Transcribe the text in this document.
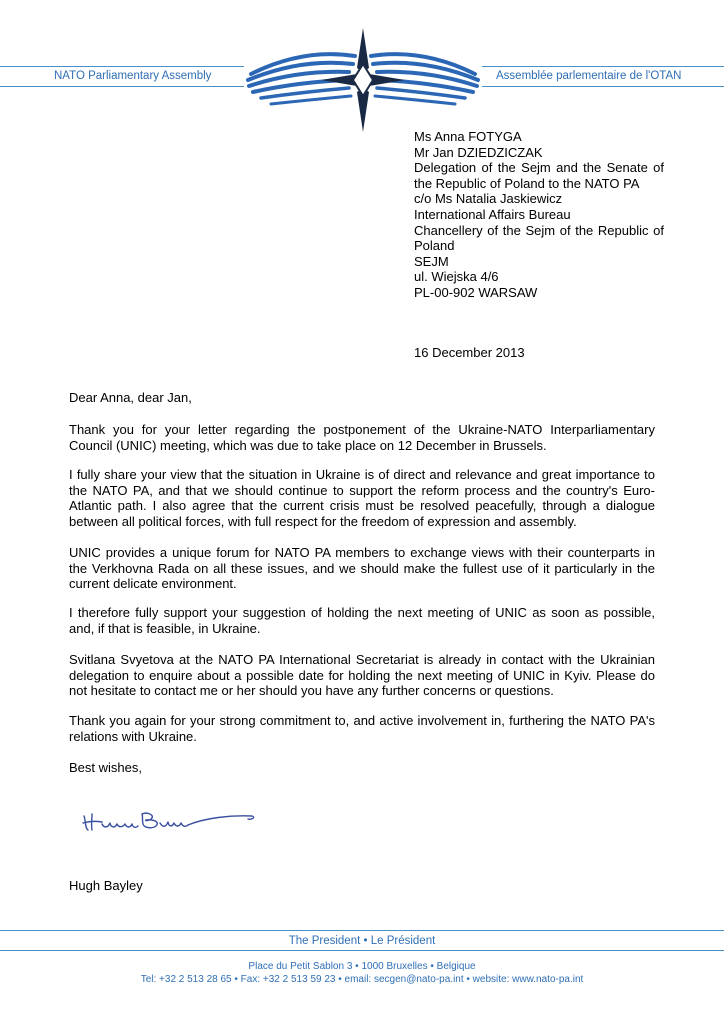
NATO Parliamentary Assembly	Assemblée parlementaire de l'OTAN
Ms Anna FOTYGA
Mr Jan DZIEDZICZAK
Delegation of the Sejm and the Senate of the Republic of Poland to the NATO PA
c/o Ms Natalia Jaskiewicz
International Affairs Bureau
Chancellery of the Sejm of the Republic of Poland
SEJM
ul. Wiejska 4/6
PL-00-902 WARSAW
16 December 2013

Dear Anna, dear Jan,

Thank you for your letter regarding the postponement of the Ukraine-NATO Interparliamentary Council (UNIC) meeting, which was due to take place on 12 December in Brussels.

I fully share your view that the situation in Ukraine is of direct and relevance and great importance to the NATO PA, and that we should continue to support the reform process and the country's Euro-Atlantic path. I also agree that the current crisis must be resolved peacefully, through a dialogue between all political forces, with full respect for the freedom of expression and assembly.

UNIC provides a unique forum for NATO PA members to exchange views with their counterparts in the Verkhovna Rada on all these issues, and we should make the fullest use of it particularly in the current delicate environment.

I therefore fully support your suggestion of holding the next meeting of UNIC as soon as possible, and, if that is feasible, in Ukraine.

Svitlana Svyetova at the NATO PA International Secretariat is already in contact with the Ukrainian delegation to enquire about a possible date for holding the next meeting of UNIC in Kyiv. Please do not hesitate to contact me or her should you have any further concerns or questions.

Thank you again for your strong commitment to, and active involvement in, furthering the NATO PA's relations with Ukraine.

Best wishes,

Hugh Bayley

The President • Le Président
Place du Petit Sablon 3 • 1000 Bruxelles • Belgique
Tel: +32 2 513 28 65 • Fax: +32 2 513 59 23 • email: secgen@nato-pa.int • website: www.nato-pa.int
